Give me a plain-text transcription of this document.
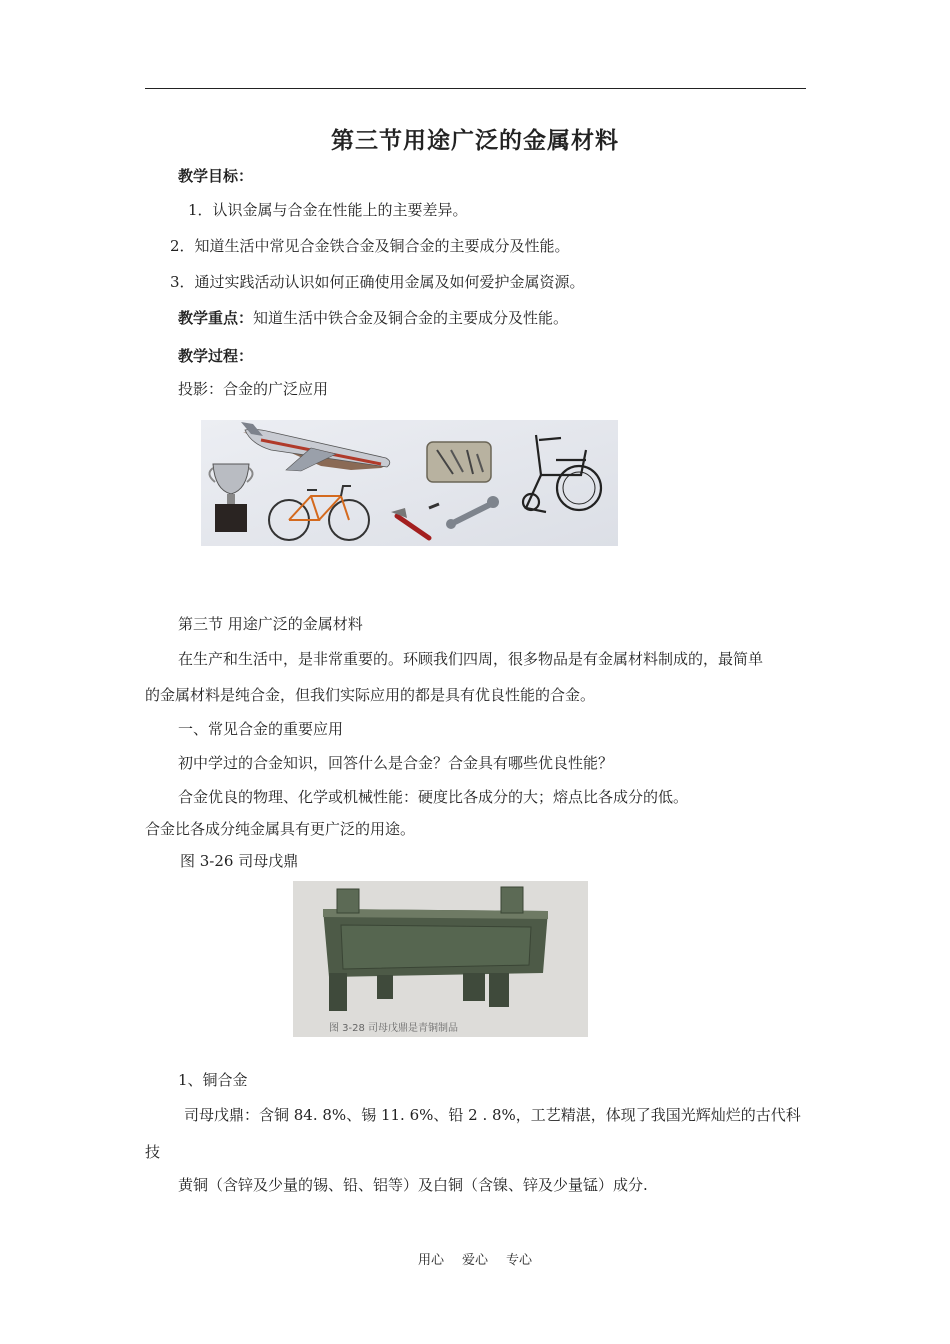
第三节用途广泛的金属材料
教学目标：
1．认识金属与合金在性能上的主要差异。
2．知道生活中常见合金铁合金及铜合金的主要成分及性能。
3．通过实践活动认识如何正确使用金属及如何爱护金属资源。
教学重点：知道生活中铁合金及铜合金的主要成分及性能。
教学过程：
投影：合金的广泛应用
第三节 用途广泛的金属材料
在生产和生活中，是非常重要的。环顾我们四周，很多物品是有金属材料制成的，最简单
的金属材料是纯合金，但我们实际应用的都是具有优良性能的合金。
一、常见合金的重要应用
初中学过的合金知识，回答什么是合金？合金具有哪些优良性能？
合金优良的物理、化学或机械性能：硬度比各成分的大；熔点比各成分的低。
合金比各成分纯金属具有更广泛的用途。
图 3-26 司母戊鼎
图 3-28 司母戊鼎是青铜制品
1、铜合金
司母戊鼎：含铜 84. 8%、锡 11. 6%、铅 2 . 8%，工艺精湛，体现了我国光辉灿烂的古代科
技
黄铜（含锌及少量的锡、铅、铝等）及白铜（含镍、锌及少量锰）成分.
用心 爱心 专心
